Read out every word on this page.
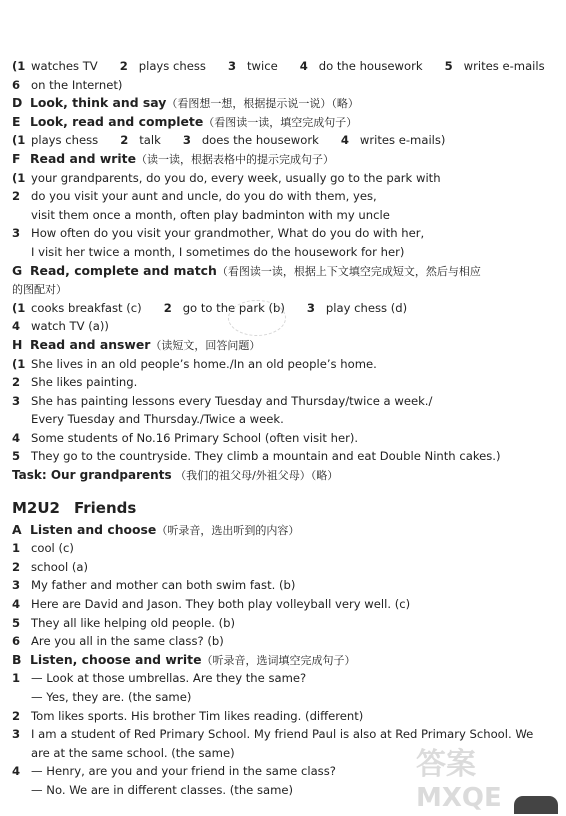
(1 watches TV 2 plays chess 3 twice 4 do the housework 5 writes e-mails
6 on the Internet)
D Look, think and say（看图想一想，根据提示说一说）（略）
E Look, read and complete（看图读一读，填空完成句子）
(1 plays chess 2 talk 3 does the housework 4 writes e-mails)
F Read and write（读一读，根据表格中的提示完成句子）
(1 your grandparents, do you do, every week, usually go to the park with
2 do you visit your aunt and uncle, do you do with them, yes,
visit them once a month, often play badminton with my uncle
3 How often do you visit your grandmother, What do you do with her,
I visit her twice a month, I sometimes do the housework for her)
G Read, complete and match（看图读一读，根据上下文填空完成短文，然后与相应
的图配对）
(1 cooks breakfast (c) 2 go to the park (b) 3 play chess (d)
4 watch TV (a))
H Read and answer（读短文，回答问题）
(1 She lives in an old people’s home./In an old people’s home.
2 She likes painting.
3 She has painting lessons every Tuesday and Thursday/twice a week./
Every Tuesday and Thursday./Twice a week.
4 Some students of No.16 Primary School (often visit her).
5 They go to the countryside. They climb a mountain and eat Double Ninth cakes.)
Task: Our grandparents （我们的祖父母/外祖父母）（略）
M2U2 Friends
A Listen and choose（听录音，选出听到的内容）
1 cool (c)
2 school (a)
3 My father and mother can both swim fast. (b)
4 Here are David and Jason. They both play volleyball very well. (c)
5 They all like helping old people. (b)
6 Are you all in the same class? (b)
B Listen, choose and write（听录音，选词填空完成句子）
1 — Look at those umbrellas. Are they the same?
— Yes, they are. (the same)
2 Tom likes sports. His brother Tim likes reading. (different)
3 I am a student of Red Primary School. My friend Paul is also at Red Primary School. We
are at the same school. (the same)
4 — Henry, are you and your friend in the same class?
— No. We are in different classes. (the same)
答案
MXQE
